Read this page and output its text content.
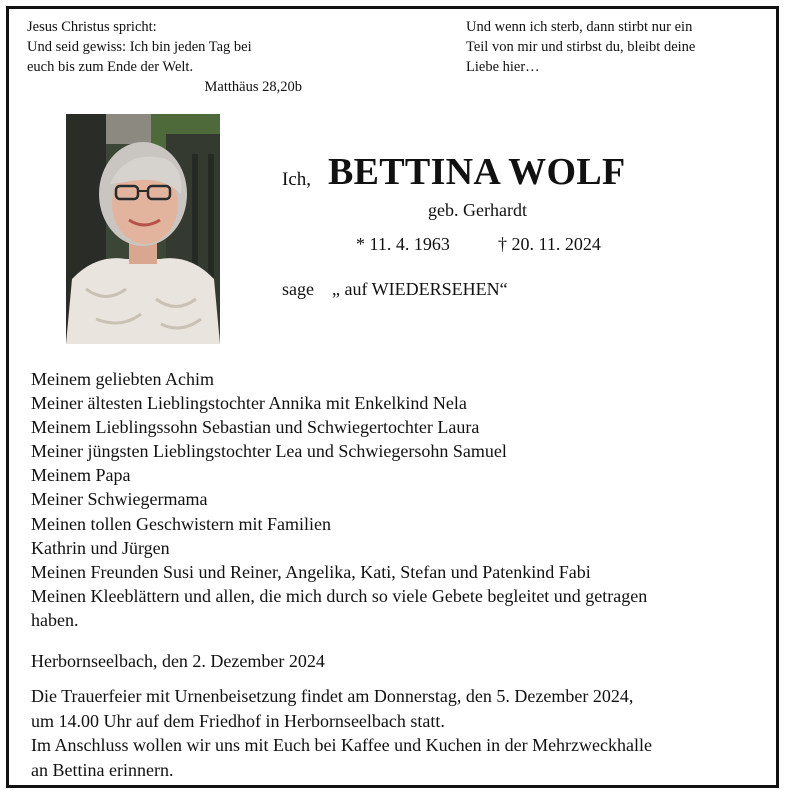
Jesus Christus spricht:
Und seid gewiss: Ich bin jeden Tag bei
euch bis zum Ende der Welt.
Matthäus 28,20b
Und wenn ich sterb, dann stirbt nur ein
Teil von mir und stirbst du, bleibt deine
Liebe hier…
Ich, BETTINA WOLF
geb. Gerhardt
* 11. 4. 1963	† 20. 11. 2024
sage „ auf WIEDERSEHEN“
Meinem geliebten Achim
Meiner ältesten Lieblingstochter Annika mit Enkelkind Nela
Meinem Lieblingssohn Sebastian und Schwiegertochter Laura
Meiner jüngsten Lieblingstochter Lea und Schwiegersohn Samuel
Meinem Papa
Meiner Schwiegermama
Meinen tollen Geschwistern mit Familien
Kathrin und Jürgen
Meinen Freunden Susi und Reiner, Angelika, Kati, Stefan und Patenkind Fabi
Meinen Kleeblättern und allen, die mich durch so viele Gebete begleitet und getragen
haben.
Herbornseelbach, den 2. Dezember 2024

Die Trauerfeier mit Urnenbeisetzung findet am Donnerstag, den 5. Dezember 2024,

um 14.00 Uhr auf dem Friedhof in Herbornseelbach statt.

Im Anschluss wollen wir uns mit Euch bei Kaffee und Kuchen in der Mehrzweckhalle

an Bettina erinnern.
